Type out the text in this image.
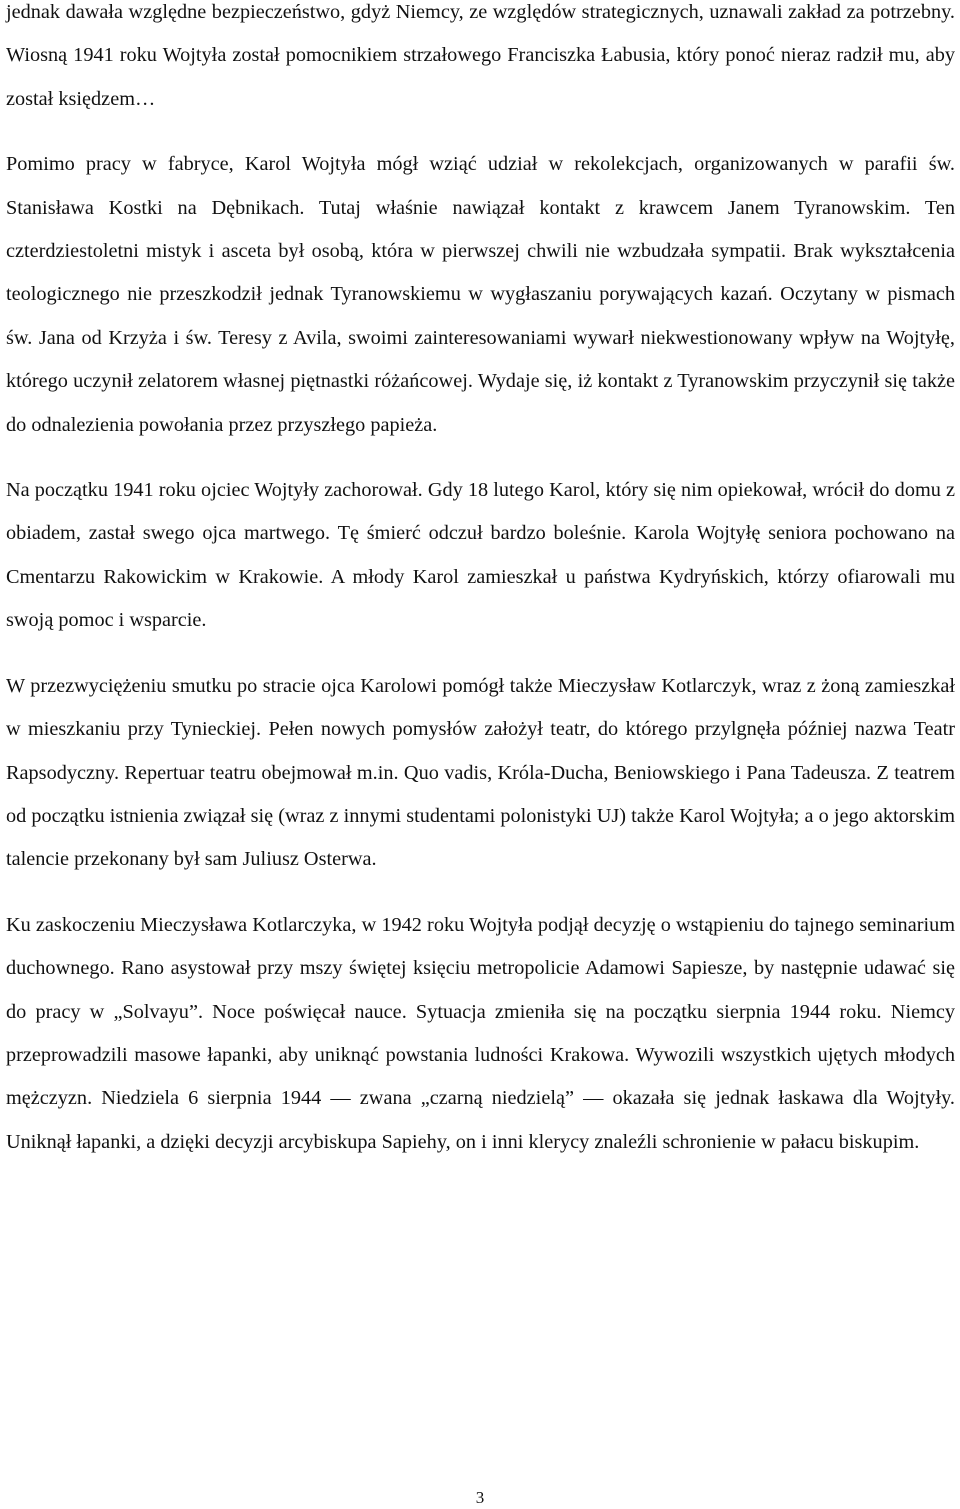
jednak dawała względne bezpieczeństwo, gdyż Niemcy, ze względów strategicznych, uznawali zakład za potrzebny. Wiosną 1941 roku Wojtyła został pomocnikiem strzałowego Franciszka Łabusia, który ponoć nieraz radził mu, aby został księdzem…

Pomimo pracy w fabryce, Karol Wojtyła mógł wziąć udział w rekolekcjach, organizowanych w parafii św. Stanisława Kostki na Dębnikach. Tutaj właśnie nawiązał kontakt z krawcem Janem Tyranowskim. Ten czterdziestoletni mistyk i asceta był osobą, która w pierwszej chwili nie wzbudzała sympatii. Brak wykształcenia teologicznego nie przeszkodził jednak Tyranowskiemu w wygłaszaniu porywających kazań. Oczytany w pismach św. Jana od Krzyża i św. Teresy z Avila, swoimi zainteresowaniami wywarł niekwestionowany wpływ na Wojtyłę, którego uczynił zelatorem własnej piętnastki różańcowej. Wydaje się, iż kontakt z Tyranowskim przyczynił się także do odnalezienia powołania przez przyszłego papieża.

Na początku 1941 roku ojciec Wojtyły zachorował. Gdy 18 lutego Karol, który się nim opiekował, wrócił do domu z obiadem, zastał swego ojca martwego. Tę śmierć odczuł bardzo boleśnie. Karola Wojtyłę seniora pochowano na Cmentarzu Rakowickim w Krakowie. A młody Karol zamieszkał u państwa Kydryńskich, którzy ofiarowali mu swoją pomoc i wsparcie.

W przezwyciężeniu smutku po stracie ojca Karolowi pomógł także Mieczysław Kotlarczyk, wraz z żoną zamieszkał w mieszkaniu przy Tynieckiej. Pełen nowych pomysłów założył teatr, do którego przylgnęła później nazwa Teatr Rapsodyczny. Repertuar teatru obejmował m.in. Quo vadis, Króla-Ducha, Beniowskiego i Pana Tadeusza. Z teatrem od początku istnienia związał się (wraz z innymi studentami polonistyki UJ) także Karol Wojtyła; a o jego aktorskim talencie przekonany był sam Juliusz Osterwa.

Ku zaskoczeniu Mieczysława Kotlarczyka, w 1942 roku Wojtyła podjął decyzję o wstąpieniu do tajnego seminarium duchownego. Rano asystował przy mszy świętej księciu metropolicie Adamowi Sapieszе, by następnie udawać się do pracy w „Solvayu”. Noce poświęcał nauce. Sytuacja zmieniła się na początku sierpnia 1944 roku. Niemcy przeprowadzili masowe łapanki, aby uniknąć powstania ludności Krakowa. Wywozili wszystkich ujętych młodych mężczyzn. Niedziela 6 sierpnia 1944 — zwana „czarną niedzielą” — okazała się jednak łaskawa dla Wojtyły. Uniknął łapanki, a dzięki decyzji arcybiskupa Sapiehy, on i inni klerycy znaleźli schronienie w pałacu biskupim.

3
